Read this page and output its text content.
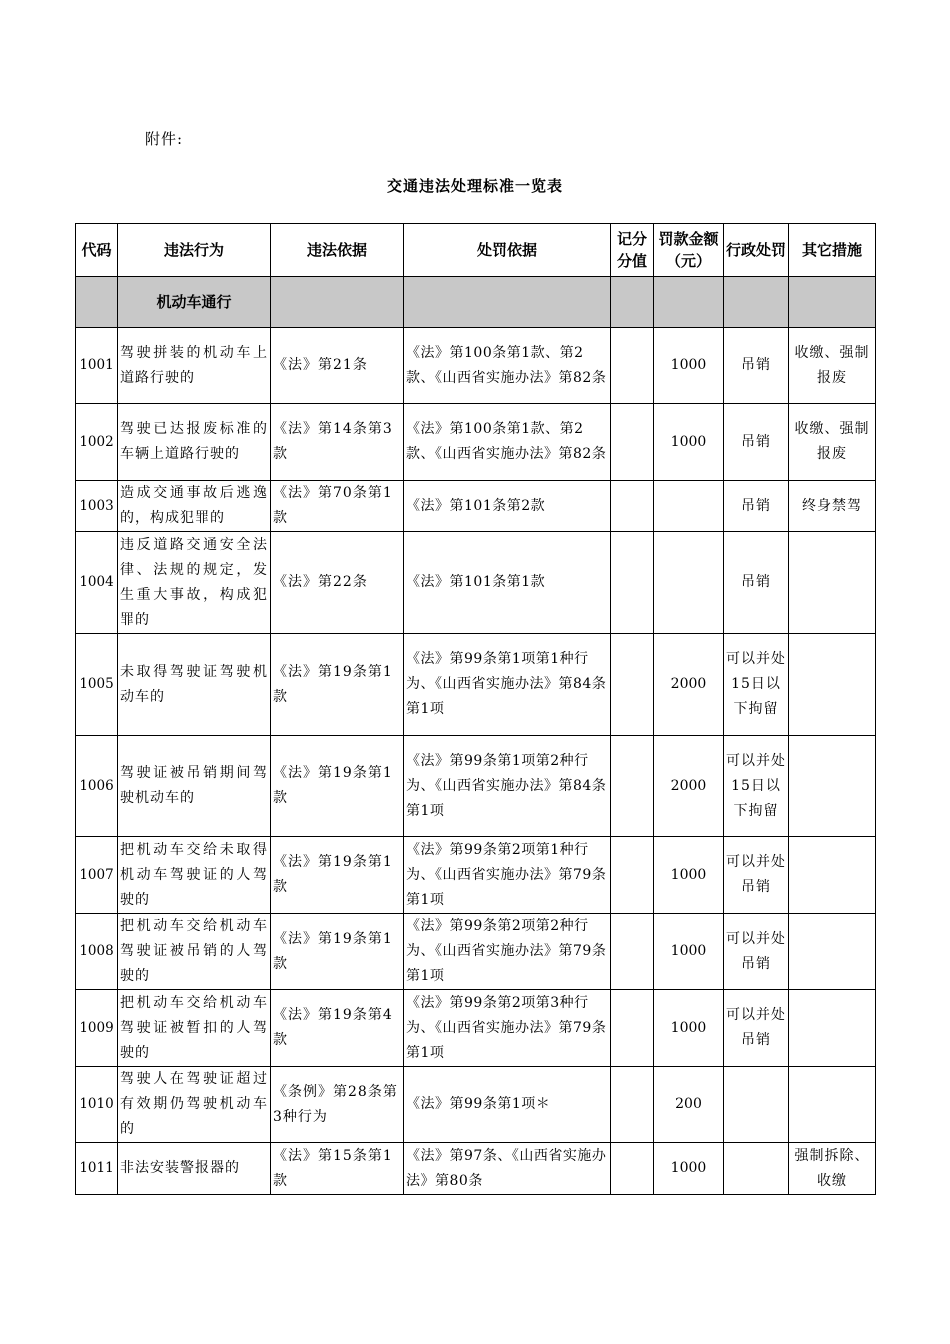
附件:
交通违法处理标准一览表
代码	违法行为	违法依据	处罚依据	记分分值	罚款金额（元）	行政处罚	其它措施
	机动车通行						
1001	驾驶拼装的机动车上道路行驶的	《法》第21条	《法》第100条第1款、第2款、《山西省实施办法》第82条		1000	吊销	收缴、强制报废
1002	驾驶已达报废标准的车辆上道路行驶的	《法》第14条第3款	《法》第100条第1款、第2款、《山西省实施办法》第82条		1000	吊销	收缴、强制报废
1003	造成交通事故后逃逸的，构成犯罪的	《法》第70条第1款	《法》第101条第2款			吊销	终身禁驾
1004	违反道路交通安全法律、法规的规定，发生重大事故，构成犯罪的	《法》第22条	《法》第101条第1款			吊销	
1005	未取得驾驶证驾驶机动车的	《法》第19条第1款	《法》第99条第1项第1种行为、《山西省实施办法》第84条第1项		2000	可以并处15日以下拘留	
1006	驾驶证被吊销期间驾驶机动车的	《法》第19条第1款	《法》第99条第1项第2种行为、《山西省实施办法》第84条第1项		2000	可以并处15日以下拘留	
1007	把机动车交给未取得机动车驾驶证的人驾驶的	《法》第19条第1款	《法》第99条第2项第1种行为、《山西省实施办法》第79条第1项		1000	可以并处吊销	
1008	把机动车交给机动车驾驶证被吊销的人驾驶的	《法》第19条第1款	《法》第99条第2项第2种行为、《山西省实施办法》第79条第1项		1000	可以并处吊销	
1009	把机动车交给机动车驾驶证被暂扣的人驾驶的	《法》第19条第4款	《法》第99条第2项第3种行为、《山西省实施办法》第79条第1项		1000	可以并处吊销	
1010	驾驶人在驾驶证超过有效期仍驾驶机动车的	《条例》第28条第3种行为	《法》第99条第1项＊		200		
1011	非法安装警报器的	《法》第15条第1款	《法》第97条、《山西省实施办法》第80条		1000		强制拆除、收缴
